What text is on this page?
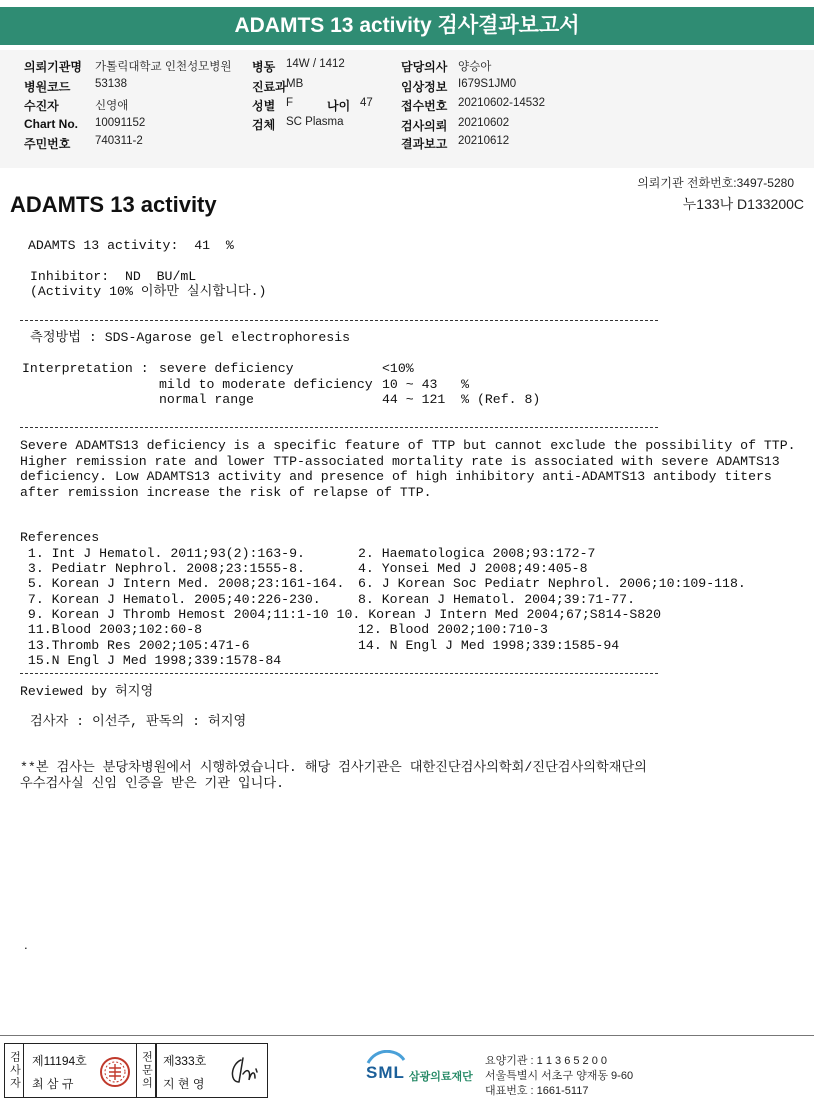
ADAMTS 13 activity 검사결과보고서
의뢰기관명 가톨릭대학교 인천성모병원
병원코드 53138
수진자	신영애
Chart No. 10091152
주민번호 740311-2
병동 14W / 1412
진료과 MB
성별 F	나이 47
검체 SC Plasma
담당의사 양승아
임상정보 I679S1JM0
접수번호 20210602-14532
검사의뢰 20210602
결과보고 20210612
의뢰기관 전화번호:3497-5280
ADAMTS 13 activity	누133나 D133200C
ADAMTS 13 activity:  41  %
Inhibitor:  ND  BU/mL
(Activity 10% 이하만 실시합니다.)
측정방법 : SDS-Agarose gel electrophoresis
Interpretation : severe deficiency	<10%
mild to moderate deficiency 10 ~ 43   %
normal range	44 ~ 121  % (Ref. 8)
Severe ADAMTS13 deficiency is a specific feature of TTP but cannot exclude the possibility of TTP.
Higher remission rate and lower TTP-associated mortality rate is associated with severe ADAMTS13
deficiency. Low ADAMTS13 activity and presence of high inhibitory anti-ADAMTS13 antibody titers
after remission increase the risk of relapse of TTP.
References
1. Int J Hematol. 2011;93(2):163-9.	2. Haematologica 2008;93:172-7
3. Pediatr Nephrol. 2008;23:1555-8.	4. Yonsei Med J 2008;49:405-8
5. Korean J Intern Med. 2008;23:161-164. 6. J Korean Soc Pediatr Nephrol. 2006;10:109-118.
7. Korean J Hematol. 2005;40:226-230.	8. Korean J Hematol. 2004;39:71-77.
9. Korean J Thromb Hemost 2004;11:1-10 10. Korean J Intern Med 2004;67;S814-S820
11.Blood 2003;102:60-8	12. Blood 2002;100:710-3
13.Thromb Res 2002;105:471-6	14. N Engl J Med 1998;339:1585-94
15.N Engl J Med 1998;339:1578-84
Reviewed by 허지영
검사자 : 이선주, 판독의 : 허지영
**본 검사는 분당차병원에서 시행하였습니다. 해당 검사기관은 대한진단검사의학회/진단검사의학재단의
우수검사실 신임 인증을 받은 기관 입니다.
.
검사자 제11194호
최 삼 규	전문의 제333호
지 현 영
SML 삼광의료재단
요양기관 : 1 1 3 6 5 2 0 0
서울특별시 서초구 양재동 9-60
대표번호 : 1661-5117
